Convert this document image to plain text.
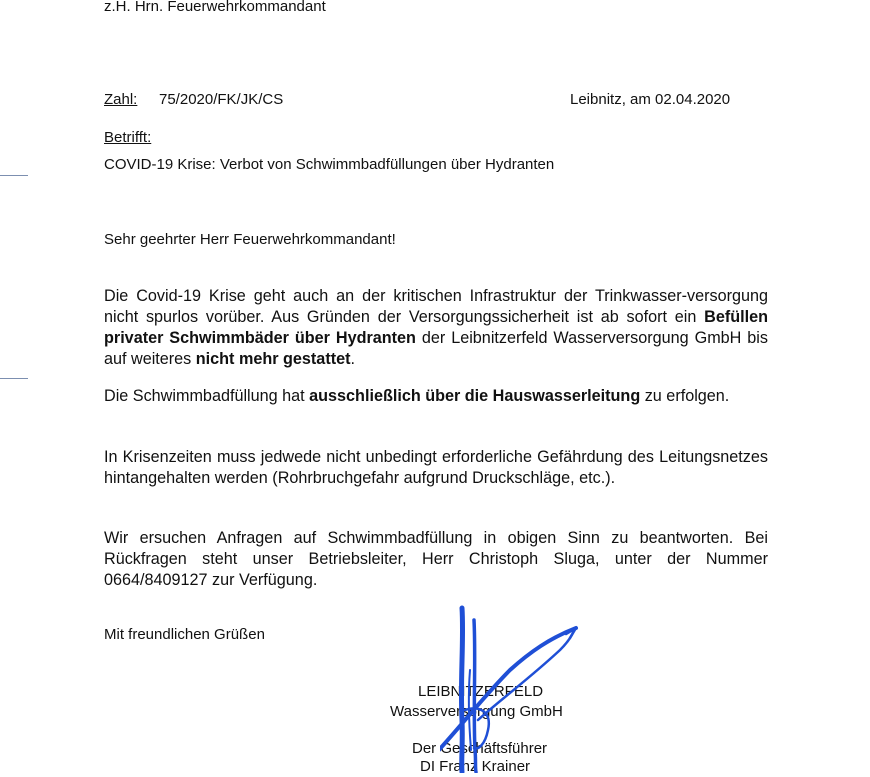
z.H. Hrn. Feuerwehrkommandant
Zahl: 75/2020/FK/JK/CS	Leibnitz, am 02.04.2020
Betrifft:
COVID-19 Krise: Verbot von Schwimmbadfüllungen über Hydranten
Sehr geehrter Herr Feuerwehrkommandant!
Die Covid-19 Krise geht auch an der kritischen Infrastruktur der Trinkwasser-versorgung nicht spurlos vorüber. Aus Gründen der Versorgungssicherheit ist ab sofort ein Befüllen privater Schwimmbäder über Hydranten der Leibnitzerfeld Wasserversorgung GmbH bis auf weiteres nicht mehr gestattet.
Die Schwimmbadfüllung hat ausschließlich über die Hauswasserleitung zu erfolgen.
In Krisenzeiten muss jedwede nicht unbedingt erforderliche Gefährdung des Leitungsnetzes hintangehalten werden (Rohrbruchgefahr aufgrund Druckschläge, etc.).
Wir ersuchen Anfragen auf Schwimmbadfüllung in obigen Sinn zu beantworten. Bei Rückfragen steht unser Betriebsleiter, Herr Christoph Sluga, unter der Nummer 0664/8409127 zur Verfügung.
Mit freundlichen Grüßen
LEIBNITZERFELD
Wasserversorgung GmbH
Der Geschäftsführer
DI Franz Krainer
